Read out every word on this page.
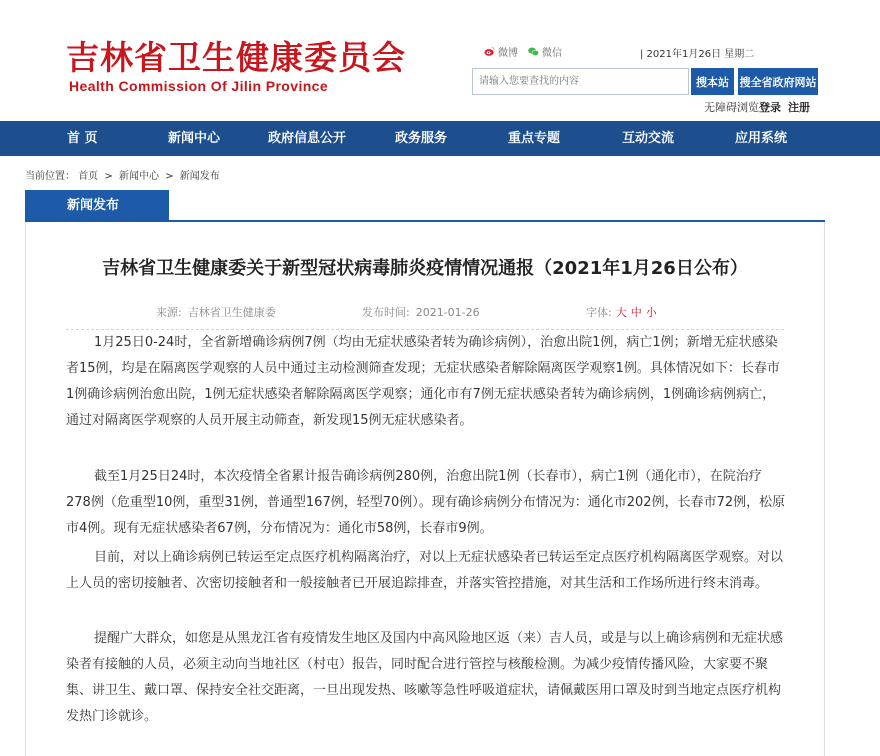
吉林省卫生健康委员会
Health Commission Of Jilin Province
微博 微信	| 2021年1月26日 星期二
请输入您要查找的内容
搜本站 搜全省政府网站
无障碍浏览登录 注册
首 页	新闻中心	政府信息公开	政务服务	重点专题	互动交流	应用系统
当前位置： 首页 > 新闻中心 > 新闻发布
新闻发布
吉林省卫生健康委关于新型冠状病毒肺炎疫情情况通报（2021年1月26日公布）
来源: 吉林省卫生健康委	发布时间: 2021-01-26	字体: 大 中 小
1月25日0-24时，全省新增确诊病例7例（均由无症状感染者转为确诊病例），治愈出院1例，病亡1例；新增无症状感染者15例，均是在隔离医学观察的人员中通过主动检测筛查发现；无症状感染者解除隔离医学观察1例。具体情况如下：长春市1例确诊病例治愈出院，1例无症状感染者解除隔离医学观察；通化市有7例无症状感染者转为确诊病例，1例确诊病例病亡，通过对隔离医学观察的人员开展主动筛查，新发现15例无症状感染者。
截至1月25日24时，本次疫情全省累计报告确诊病例280例，治愈出院1例（长春市），病亡1例（通化市），在院治疗278例（危重型10例，重型31例，普通型167例，轻型70例）。现有确诊病例分布情况为：通化市202例，长春市72例，松原市4例。现有无症状感染者67例，分布情况为：通化市58例，长春市9例。
目前，对以上确诊病例已转运至定点医疗机构隔离治疗，对以上无症状感染者已转运至定点医疗机构隔离医学观察。对以上人员的密切接触者、次密切接触者和一般接触者已开展追踪排查，并落实管控措施，对其生活和工作场所进行终末消毒。
提醒广大群众，如您是从黑龙江省有疫情发生地区及国内中高风险地区返（来）吉人员，或是与以上确诊病例和无症状感染者有接触的人员，必须主动向当地社区（村屯）报告，同时配合进行管控与核酸检测。为减少疫情传播风险，大家要不聚集、讲卫生、戴口罩、保持安全社交距离，一旦出现发热、咳嗽等急性呼吸道症状，请佩戴医用口罩及时到当地定点医疗机构发热门诊就诊。
